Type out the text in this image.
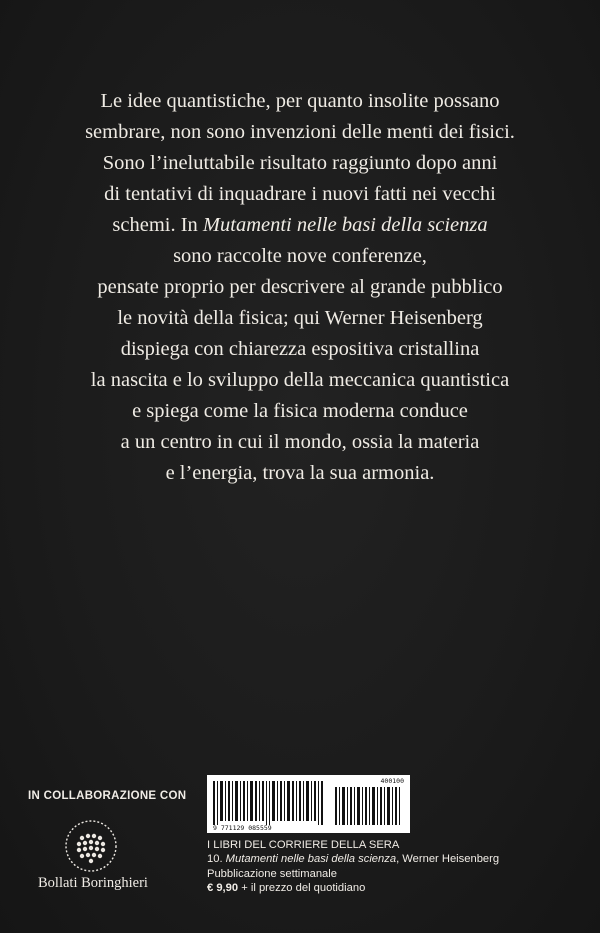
Le idee quantistiche, per quanto insolite possano
sembrare, non sono invenzioni delle menti dei fisici.
Sono l’ineluttabile risultato raggiunto dopo anni
di tentativi di inquadrare i nuovi fatti nei vecchi
schemi. In Mutamenti nelle basi della scienza
sono raccolte nove conferenze,
pensate proprio per descrivere al grande pubblico
le novità della fisica; qui Werner Heisenberg
dispiega con chiarezza espositiva cristallina
la nascita e lo sviluppo della meccanica quantistica
e spiega come la fisica moderna conduce
a un centro in cui il mondo, ossia la materia
e l’energia, trova la sua armonia.
IN COLLABORAZIONE CON
Bollati Boringhieri
400100
9 771129 085559
I LIBRI DEL CORRIERE DELLA SERA
10. Mutamenti nelle basi della scienza, Werner Heisenberg
Pubblicazione settimanale
€ 9,90 + il prezzo del quotidiano
